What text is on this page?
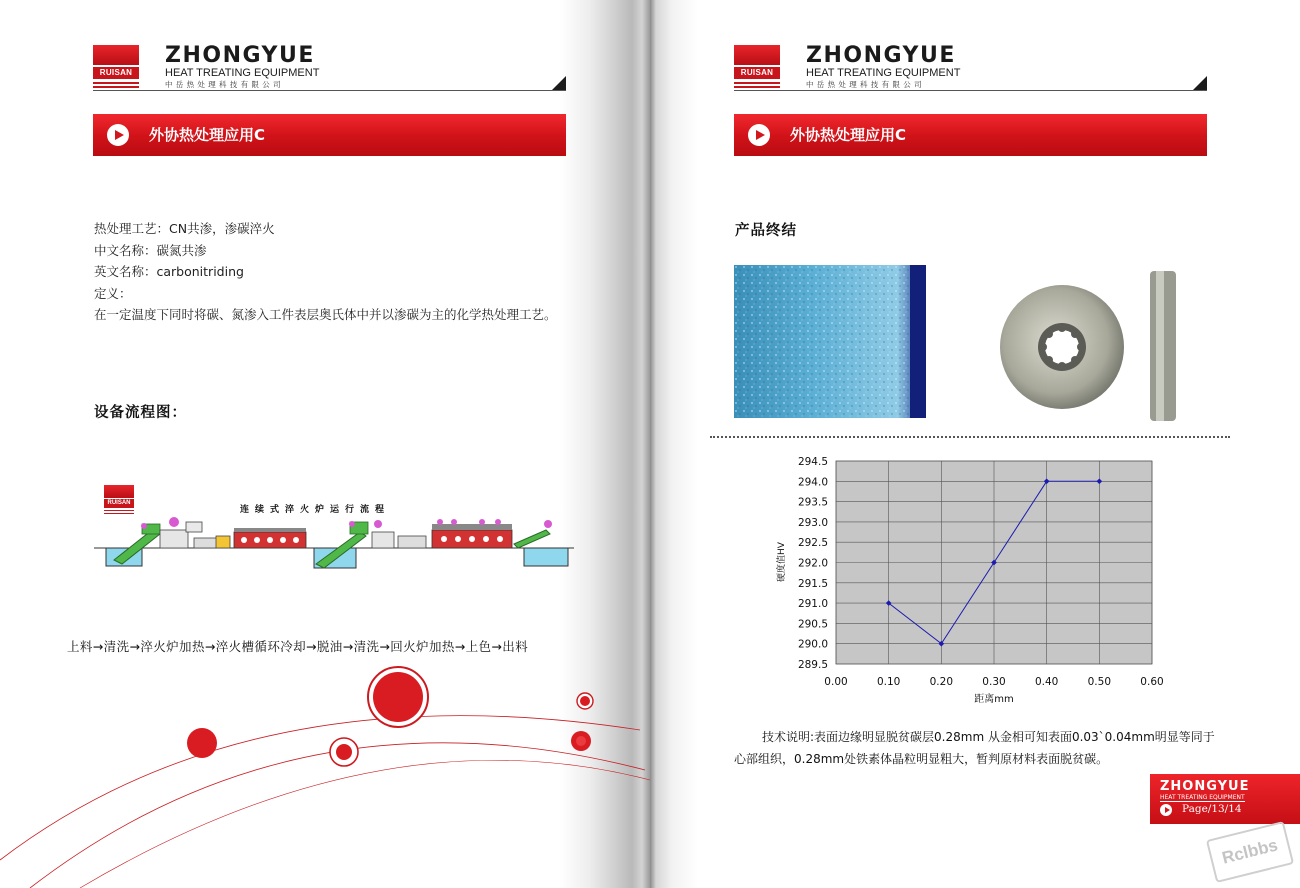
RUISAN
ZHONGYUE
HEAT TREATING EQUIPMENT
中岳热处理科技有限公司
外协热处理应用C
热处理工艺：CN共渗，渗碳淬火
中文名称：碳氮共渗
英文名称：carbonitriding
定义：
在一定温度下同时将碳、氮渗入工件表层奥氏体中并以渗碳为主的化学热处理工艺。
设备流程图：
RUISAN
连续式淬火炉运行流程
上料→清洗→淬火炉加热→淬火槽循环冷却→脱油→清洗→回火炉加热→上色→出料
RUISAN
ZHONGYUE
HEAT TREATING EQUIPMENT
中岳热处理科技有限公司
外协热处理应用C
产品终结
289.5
290.0
290.5
291.0
291.5
292.0
292.5
293.0
293.5
294.0
294.5
0.00	0.10	0.20	0.30	0.40	0.50	0.60
距离mm
硬度值HV
技术说明:表面边缘明显脱贫碳层0.28mm 从金相可知表面0.03`0.04mm明显等同于心部组织，0.28mm处铁素体晶粒明显粗大，暂判原材料表面脱贫碳。
ZHONGYUE
HEAT TREATING EQUIPMENT
Page/13/14
Rclbbs
